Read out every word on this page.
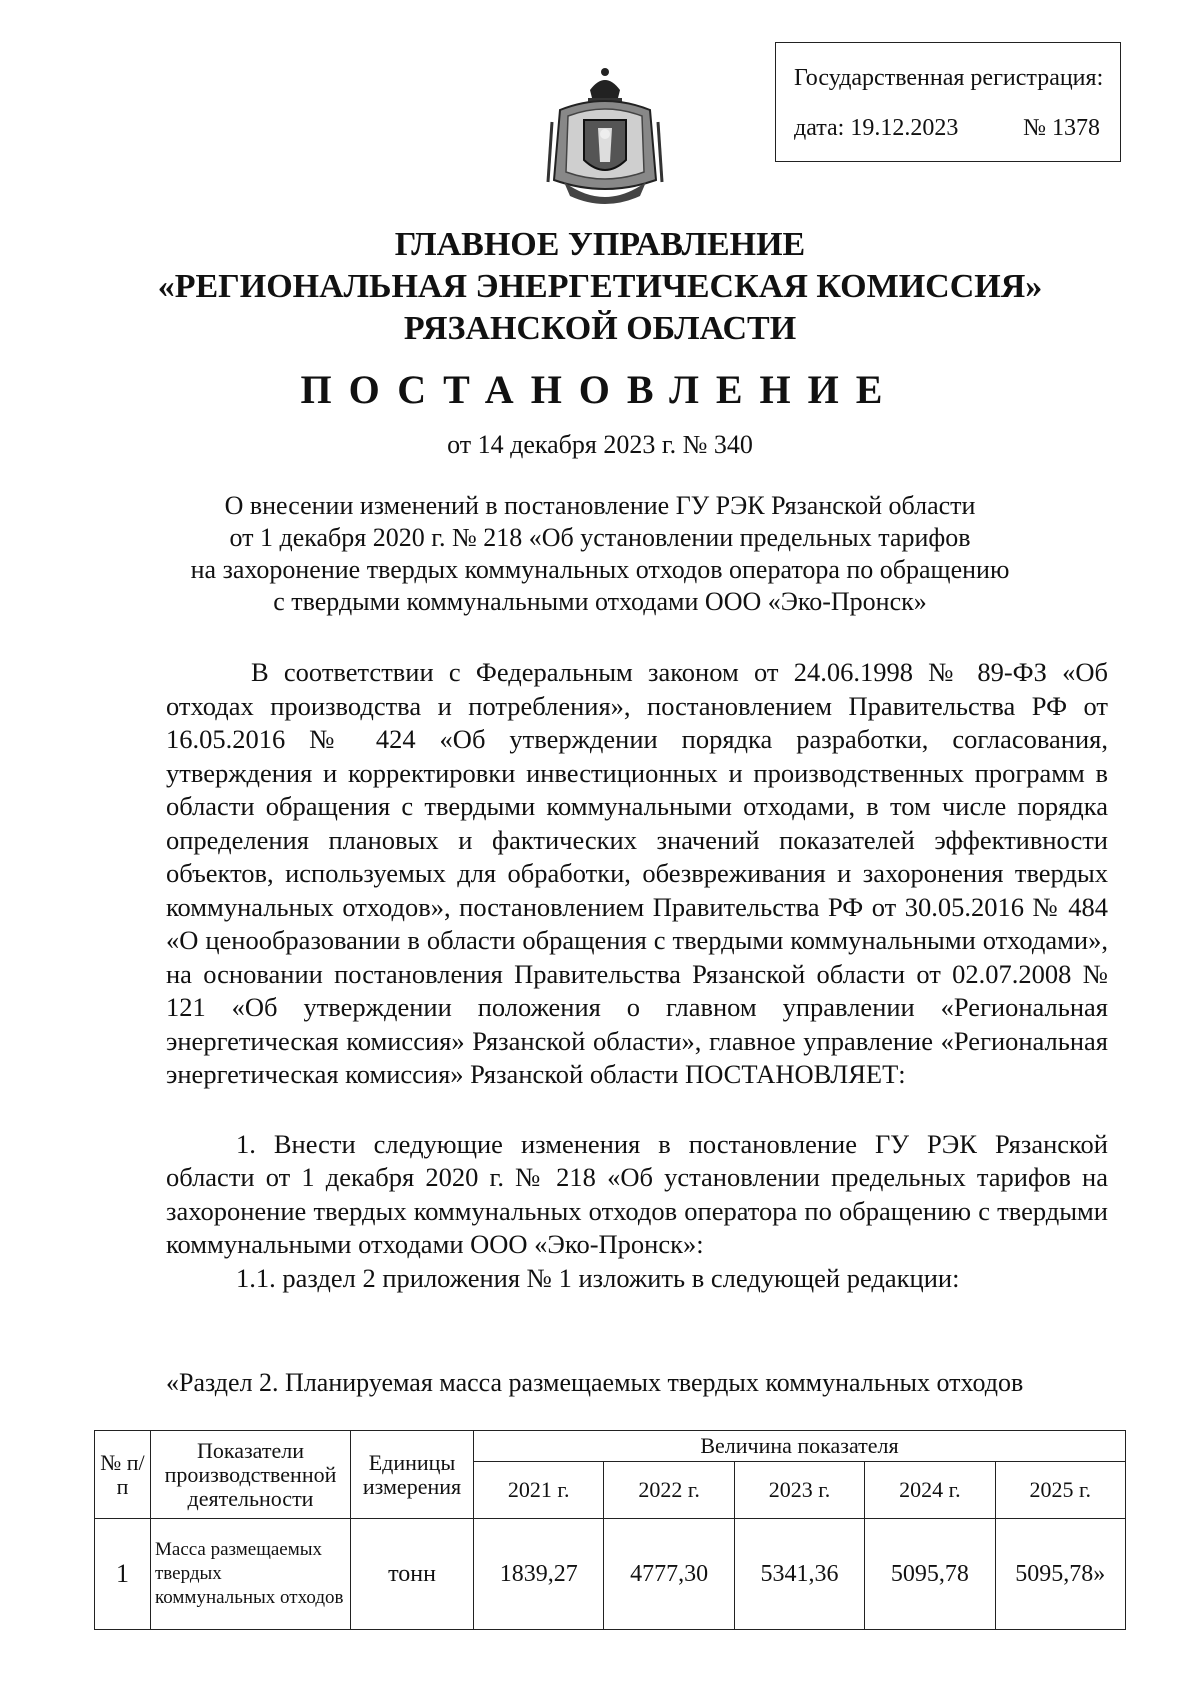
Государственная регистрация:
дата: 19.12.2023	№ 1378
ГЛАВНОЕ УПРАВЛЕНИЕ
«РЕГИОНАЛЬНАЯ ЭНЕРГЕТИЧЕСКАЯ КОМИССИЯ»
РЯЗАНСКОЙ ОБЛАСТИ
ПОСТАНОВЛЕНИЕ
от 14 декабря 2023 г. № 340
О внесении изменений в постановление ГУ РЭК Рязанской области
от 1 декабря 2020 г. № 218 «Об установлении предельных тарифов
на захоронение твердых коммунальных отходов оператора по обращению
с твердыми коммунальными отходами ООО «Эко-Пронск»

В соответствии с Федеральным законом от 24.06.1998 № 89-ФЗ «Об отходах производства и потребления», постановлением Правительства РФ от 16.05.2016 № 424 «Об утверждении порядка разработки, согласования, утверждения и корректировки инвестиционных и производственных программ в области обращения с твердыми коммунальными отходами, в том числе порядка определения плановых и фактических значений показателей эффективности объектов, используемых для обработки, обезвреживания и захоронения твердых коммунальных отходов», постановлением Правительства РФ от 30.05.2016 № 484 «О ценообразовании в области обращения с твердыми коммунальными отходами», на основании постановления Правительства Рязанской области от 02.07.2008 № 121 «Об утверждении положения о главном управлении «Региональная энергетическая комиссия» Рязанской области», главное управление «Региональная энергетическая комиссия» Рязанской области ПОСТАНОВЛЯЕТ:

1. Внести следующие изменения в постановление ГУ РЭК Рязанской области от 1 декабря 2020 г. № 218 «Об установлении предельных тарифов на захоронение твердых коммунальных отходов оператора по обращению с твердыми коммунальными отходами ООО «Эко-Пронск»:

1.1. раздел 2 приложения № 1 изложить в следующей редакции:

«Раздел 2. Планируемая масса размещаемых твердых коммунальных отходов
№ п/п	Показатели производственной деятельности	Единицы измерения	Величина показателя				
			2021 г.	2022 г.	2023 г.	2024 г.	2025 г.
1	Масса размещаемых твердых коммунальных отходов	тонн	1839,27	4777,30	5341,36	5095,78	5095,78»
